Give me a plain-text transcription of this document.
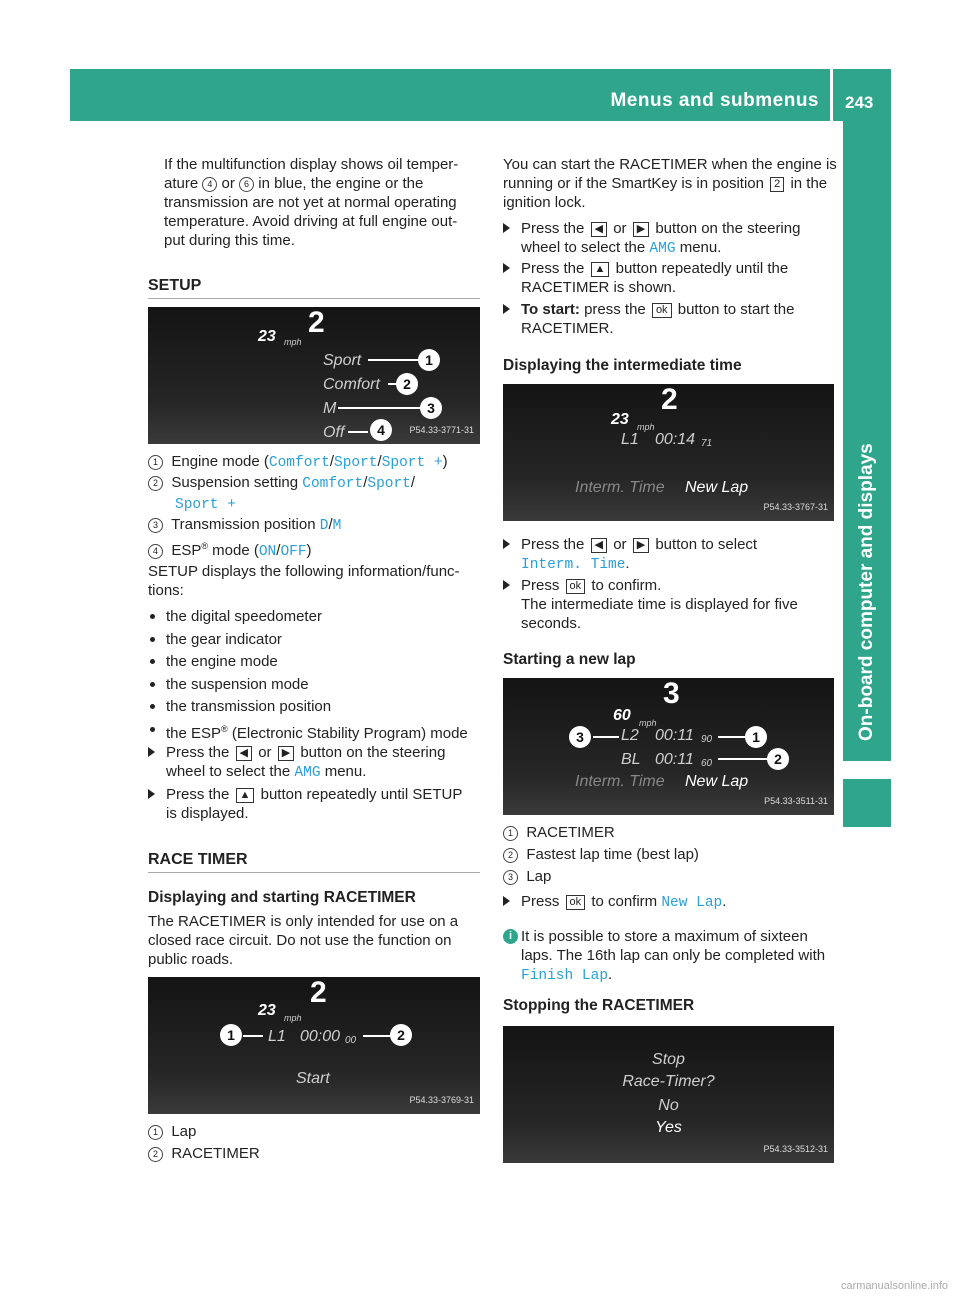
Menus and submenus 243
On-board computer and displays

If the multifunction display shows oil temper-
ature 4 or 6 in blue, the engine or the
transmission are not yet at normal operating
temperature. Avoid driving at full engine out-
put during this time.

SETUP
23 mph
2
Sport
Comfort
M
Off
1
2
3
4	P54.33-3771-31
1 Engine mode (Comfort/Sport/Sport +)
2 Suspension setting Comfort/Sport/
Sport +
3 Transmission position D/M
4 ESP® mode (ON/OFF)

SETUP displays the following information/func-
tions:

the digital speedometer
the gear indicator
the engine mode
the suspension mode
the transmission position
the ESP® (Electronic Stability Program) mode
Press the ◀ or ▶ button on the steering
wheel to select the AMG menu.
Press the ▲ button repeatedly until SETUP
is displayed.
RACE TIMER
Displaying and starting RACETIMER

The RACETIMER is only intended for use on a
closed race circuit. Do not use the function on
public roads.

23 mph
2
L1 00:00 00
1	2
Start
P54.33-3769-31
1 Lap
2 RACETIMER

You can start the RACETIMER when the engine is
running or if the SmartKey is in position 2 in the
ignition lock.

Press the ◀ or ▶ button on the steering
wheel to select the AMG menu.
Press the ▲ button repeatedly until the
RACETIMER is shown.
To start: press the ok button to start the
RACETIMER.
Displaying the intermediate time
23 mph
2
L1 00:14 71
Interm. Time New Lap
P54.33-3767-31
Press the ◀ or ▶ button to select
Interm. Time.
Press ok to confirm.
The intermediate time is displayed for five
seconds.
Starting a new lap
60 mph
3
L2 00:11 90
BL 00:11 60
1
2
3
Interm. Time New Lap
P54.33-3511-31
1 RACETIMER
2 Fastest lap time (best lap)
3 Lap
Press ok to confirm New Lap.
i It is possible to store a maximum of sixteen
laps. The 16th lap can only be completed with
Finish Lap.

Stopping the RACETIMER
Stop
Race-Timer?
No
Yes
P54.33-3512-31
carmanualsonline.info
